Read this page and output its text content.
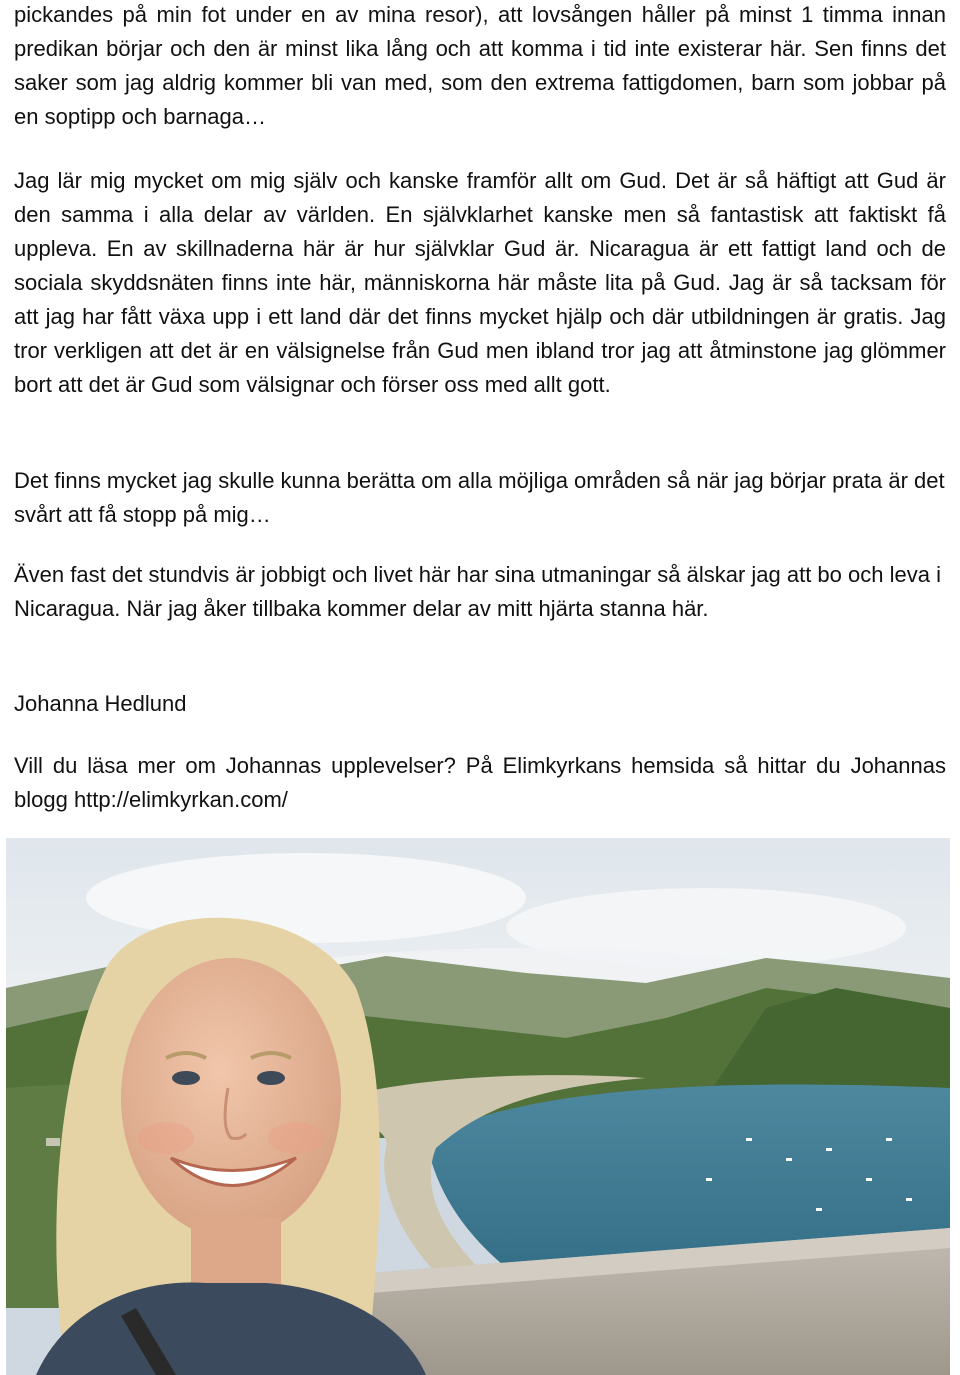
pickandes på min fot under en av mina resor), att lovsången håller på minst 1 timma innan predikan börjar och den är minst lika lång och att komma i tid inte existerar här. Sen finns det saker som jag aldrig kommer bli van med, som den extrema fattigdomen, barn som jobbar på en soptipp och barnaga…

Jag lär mig mycket om mig själv och kanske framför allt om Gud. Det är så häftigt att Gud är den samma i alla delar av världen. En självklarhet kanske men så fantastisk att faktiskt få uppleva. En av skillnaderna här är hur självklar Gud är. Nicaragua är ett fattigt land och de sociala skyddsnäten finns inte här, människorna här måste lita på Gud. Jag är så tacksam för att jag har fått växa upp i ett land där det finns mycket hjälp och där utbildningen är gratis. Jag tror verkligen att det är en välsignelse från Gud men ibland tror jag att åtminstone jag glömmer bort att det är Gud som välsignar och förser oss med allt gott.

Det finns mycket jag skulle kunna berätta om alla möjliga områden så när jag börjar prata är det svårt att få stopp på mig…

Även fast det stundvis är jobbigt och livet här har sina utmaningar så älskar jag att bo och leva i Nicaragua. När jag åker tillbaka kommer delar av mitt hjärta stanna här.

Johanna Hedlund

Vill du läsa mer om Johannas upplevelser? På Elimkyrkans hemsida så hittar du Johannas blogg http://elimkyrkan.com/
